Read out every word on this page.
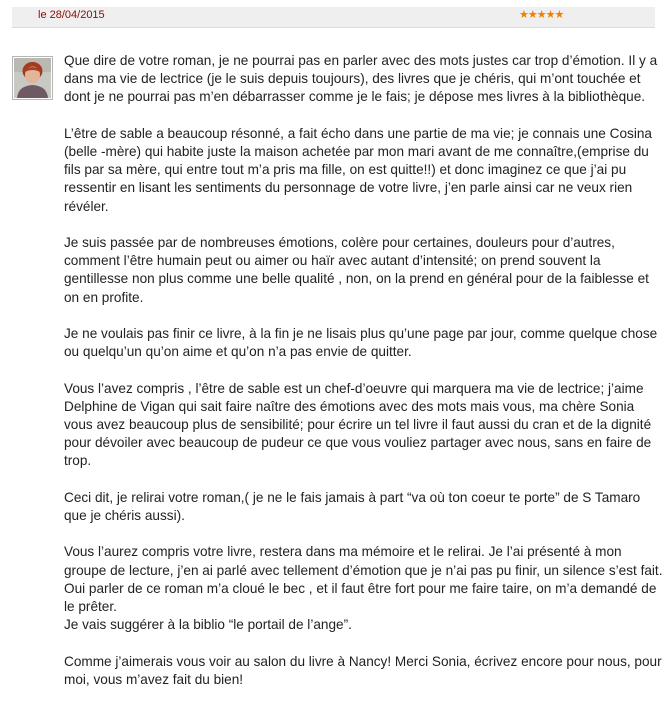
le 28/04/2015	★★★★★

Que dire de votre roman, je ne pourrai pas en parler avec des mots justes car trop d’émotion. Il y a dans ma vie de lectrice (je le suis depuis toujours), des livres que je chéris, qui m’ont touchée et dont je ne pourrai pas m’en débarrasser comme je le fais; je dépose mes livres à la bibliothèque.

L’être de sable a beaucoup résonné, a fait écho dans une partie de ma vie; je connais une Cosina (belle -mère) qui habite juste la maison achetée par mon mari avant de me connaître,(emprise du fils par sa mère, qui entre tout m’a pris ma fille, on est quitte!!) et donc imaginez ce que j’ai pu ressentir en lisant les sentiments du personnage de votre livre, j’en parle ainsi car ne veux rien révéler.

Je suis passée par de nombreuses émotions, colère pour certaines, douleurs pour d’autres, comment l’être humain peut ou aimer ou haïr avec autant d’intensité; on prend souvent la gentillesse non plus comme une belle qualité , non, on la prend en général pour de la faiblesse et on en profite.

Je ne voulais pas finir ce livre, à la fin je ne lisais plus qu’une page par jour, comme quelque chose ou quelqu’un qu’on aime et qu’on n’a pas envie de quitter.

Vous l’avez compris , l’être de sable est un chef-d’oeuvre qui marquera ma vie de lectrice; j’aime Delphine de Vigan qui sait faire naître des émotions avec des mots mais vous, ma chère Sonia vous avez beaucoup plus de sensibilité; pour écrire un tel livre il faut aussi du cran et de la dignité pour dévoiler avec beaucoup de pudeur ce que vous vouliez partager avec nous, sans en faire de trop.

Ceci dit, je relirai votre roman,( je ne le fais jamais à part “va où ton coeur te porte” de S Tamaro que je chéris aussi).

Vous l’aurez compris votre livre, restera dans ma mémoire et le relirai. Je l’ai présenté à mon groupe de lecture, j’en ai parlé avec tellement d’émotion que je n’ai pas pu finir, un silence s’est fait. Oui parler de ce roman m’a cloué le bec , et il faut être fort pour me faire taire, on m’a demandé de le prêter.

Je vais suggérer à la biblio “le portail de l’ange”.

Comme j’aimerais vous voir au salon du livre à Nancy! Merci Sonia, écrivez encore pour nous, pour moi, vous m’avez fait du bien!
